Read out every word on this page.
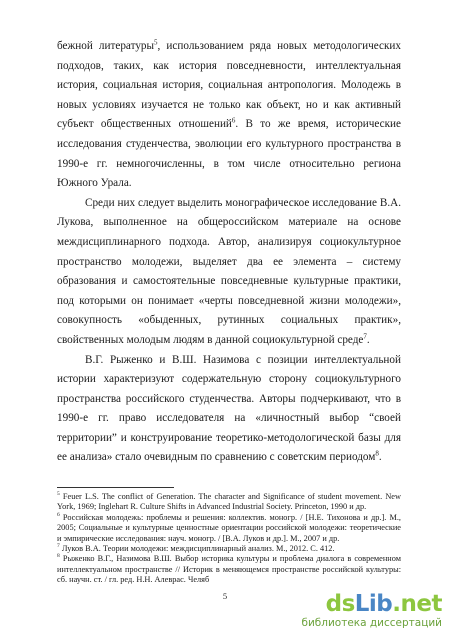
бежной литературы$^5$, использованием ряда новых методологических подходов, таких, как история повседневности, интеллектуальная история, социальная история, социальная антропология. Молодежь в новых условиях изучается не только как объект, но и как активный субъект общественных отношений$^6$. В то же время, исторические исследования студенчества, эволюции его культурного пространства в 1990-е гг. немногочисленны, в том числе относительно региона Южного Урала.

Среди них следует выделить монографическое исследование В.А. Лукова, выполненное на общероссийском материале на основе междисциплинарного подхода. Автор, анализируя социокультурное пространство молодежи, выделяет два ее элемента – систему образования и самостоятельные повседневные культурные практики, под которыми он понимает «черты повседневной жизни молодежи», совокупность «обыденных, рутинных социальных практик», свойственных молодым людям в данной социокультурной среде$^7$.

В.Г. Рыженко и В.Ш. Назимова с позиции интеллектуальной истории характеризуют содержательную сторону социокультурного пространства российского студенчества. Авторы подчеркивают, что в 1990-е гг. право исследователя на «личностный выбор “своей территории” и конструирование теоретико-методологической базы для ее анализа» стало очевидным по сравнению с советским периодом$^8$.

$^5$ Feuer L.S. The conflict of Generation. The character and Significance of student movement. New York, 1969; Inglehart R. Culture Shifts in Advanced Industrial Society. Princeton, 1990 и др.

$^6$ Российская молодежь: проблемы и решения: коллектив. моногр. / [Н.Е. Тихонова и др.]. М., 2005; Социальные и культурные ценностные ориентации российской молодежи: теоретические и эмпирические исследования: науч. моногр. / [В.А. Луков и др.]. М., 2007 и др.

$^7$ Луков В.А. Теории молодежи: междисциплинарный анализ. М., 2012. С. 412.

$^8$ Рыженко В.Г., Назимова В.Ш. Выбор историка культуры и проблема диалога в современном интеллектуальном пространстве // Историк в меняющемся пространстве российской культуры: сб. научн. ст. / гл. ред. Н.Н. Алеврас. Челяб

5	dsLib.net
библиотека диссертаций
